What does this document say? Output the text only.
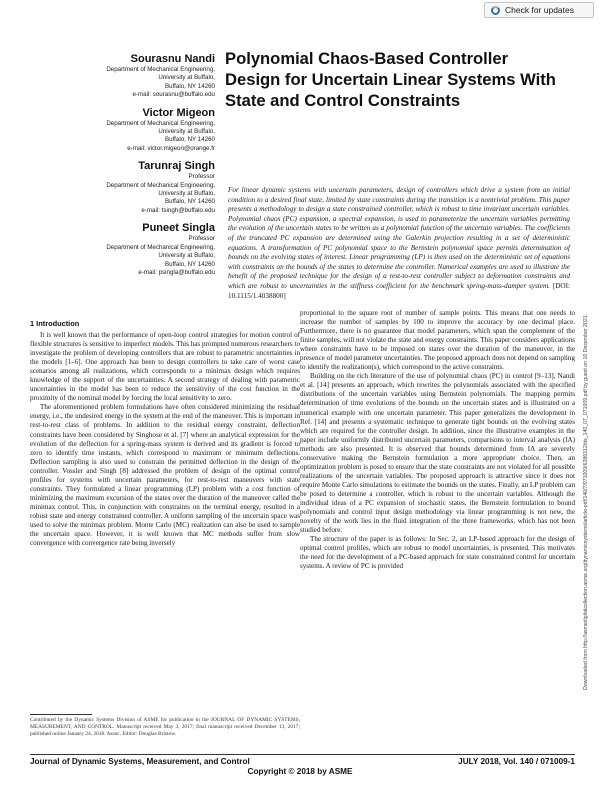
Check for updates
Sourasnu Nandi
Department of Mechanical Engineering,
University at Buffalo,
Buffalo, NY 14260
e-mail: sourasnu@buffalo.edu
Victor Migeon
Department of Mechanical Engineering,
University at Buffalo,
Buffalo, NY 14260
e-mail: victor.migeon@orange.fr
Tarunraj Singh
Professor
Department of Mechanical Engineering,
University at Buffalo,
Buffalo, NY 14260
e-mail: tsingh@buffalo.edu
Puneet Singla
Professor
Department of Mechanical Engineering,
University at Buffalo,
Buffalo, NY 14260
e-mail: psingla@buffalo.edu
Polynomial Chaos-Based Controller Design for Uncertain Linear Systems With State and Control Constraints
For linear dynamic systems with uncertain parameters, design of controllers which drive a system from an initial condition to a desired final state, limited by state constraints during the transition is a nontrivial problem. This paper presents a methodology to design a state constrained controller, which is robust to time invariant uncertain variables. Polynomial chaos (PC) expansion, a spectral expansion, is used to parameterize the uncertain variables permitting the evolution of the uncertain states to be written as a polynomial function of the uncertain variables. The coefficients of the truncated PC expansion are determined using the Galerkin projection resulting in a set of deterministic equations. A transformation of PC polynomial space to the Bernstein polynomial space permits determination of bounds on the evolving states of interest. Linear programming (LP) is then used on the deterministic set of equations with constraints on the bounds of the states to determine the controller. Numerical examples are used to illustrate the benefit of the proposed technique for the design of a rest-to-rest controller subject to deformation constraints and which are robust to uncertainties in the stiffness coefficient for the benchmark spring-mass-damper system. [DOI: 10.1115/1.4038800]
Downloaded from http://asmedigitalcollection.asme.org/dynamicsystems/article-pdf/140/7/071009/6286312/ds_140_07_071009.pdf by guest on 10 December 2021
1 Introduction

It is well known that the performance of open-loop control strategies for motion control of flexible structures is sensitive to imperfect models. This has prompted numerous researchers to investigate the problem of developing controllers that are robust to parametric uncertainties in the models [1–6]. One approach has been to design controllers to take care of worst case scenarios among all realizations, which corresponds to a minimax design which requires knowledge of the support of the uncertainties. A second strategy of dealing with parametric uncertainties in the model has been to reduce the sensitivity of the cost function in the proximity of the nominal model by forcing the local sensitivity to zero.

The aforementioned problem formulations have often considered minimizing the residual energy, i.e., the undesired energy in the system at the end of the maneuver. This is important in rest-to-rest class of problems. In addition to the residual energy constraint, deflection constraints have been considered by Singhose et al. [7] where an analytical expression for the evolution of the deflection for a spring-mass system is derived and its gradient is forced to zero to identify time instants, which correspond to maximum or minimum deflections. Deflection sampling is also used to constrain the permitted deflection in the design of the controller. Vossler and Singh [8] addressed the problem of design of the optimal control profiles for systems with uncertain parameters, for rest-to-rest maneuvers with state constraints. They formulated a linear programming (LP) problem with a cost function of minimizing the maximum excursion of the states over the duration of the maneuver called the minimax control. This, in conjunction with constraints on the terminal energy, resulted in a robust state and energy constrained controller. A uniform sampling of the uncertain space was used to solve the minimax problem. Monte Carlo (MC) realization can also be used to sample the uncertain space. However, it is well known that MC methods suffer from slow convergence with convergence rate being inversely

proportional to the square root of number of sample points. This means that one needs to increase the number of samples by 100 to improve the accuracy by one decimal place. Furthermore, there is no guarantee that model parameters, which span the complement of the finite samples, will not violate the state and energy constraints. This paper considers applications where constraints have to be imposed on states over the duration of the maneuver, in the presence of model parameter uncertainties. The proposed approach does not depend on sampling to identify the realization(s), which correspond to the active constraints.

Building on the rich literature of the use of polynomial chaos (PC) in control [9–13], Nandi et al. [14] presents an approach, which rewrites the polynomials associated with the specified distributions of the uncertain variables using Bernstein polynomials. The mapping permits determination of time evolutions of the bounds on the uncertain states and is illustrated on a numerical example with one uncertain parameter. This paper generalizes the development in Ref. [14] and presents a systematic technique to generate tight bounds on the evolving states which are required for the controller design. In addition, since the illustrative examples in the paper include uniformly distributed uncertain parameters, comparisons to interval analysis (IA) methods are also presented. It is observed that bounds determined from IA are severely conservative making the Bernstein formulation a more appropriate choice. Then, an optimization problem is posed to ensure that the state constraints are not violated for all possible realizations of the uncertain variables. The proposed approach is attractive since it does not require Monte Carlo simulations to estimate the bounds on the states. Finally, an LP problem can be posed to determine a controller, which is robust to the uncertain variables. Although the individual ideas of a PC expansion of stochastic states, the Bernstein formulation to bound polynomials and control input design methodology via linear programming is not new, the novelty of the work lies in the fluid integration of the three frameworks, which has not been studied before.

The structure of the paper is as follows: In Sec. 2, an LP-based approach for the design of optimal control profiles, which are robust to model uncertainties, is presented. This motivates the need for the development of a PC-based approach for state constrained control for uncertain systems. A review of PC is provided

Contributed by the Dynamic Systems Division of ASME for publication in the JOURNAL OF DYNAMIC SYSTEMS, MEASUREMENT, AND CONTROL. Manuscript received May 3, 2017; final manuscript received December 13, 2017; published online January 24, 2018. Assoc. Editor: Douglas Bristow.
Journal of Dynamic Systems, Measurement, and Control	JULY 2018, Vol. 140 / 071009-1
Copyright © 2018 by ASME
